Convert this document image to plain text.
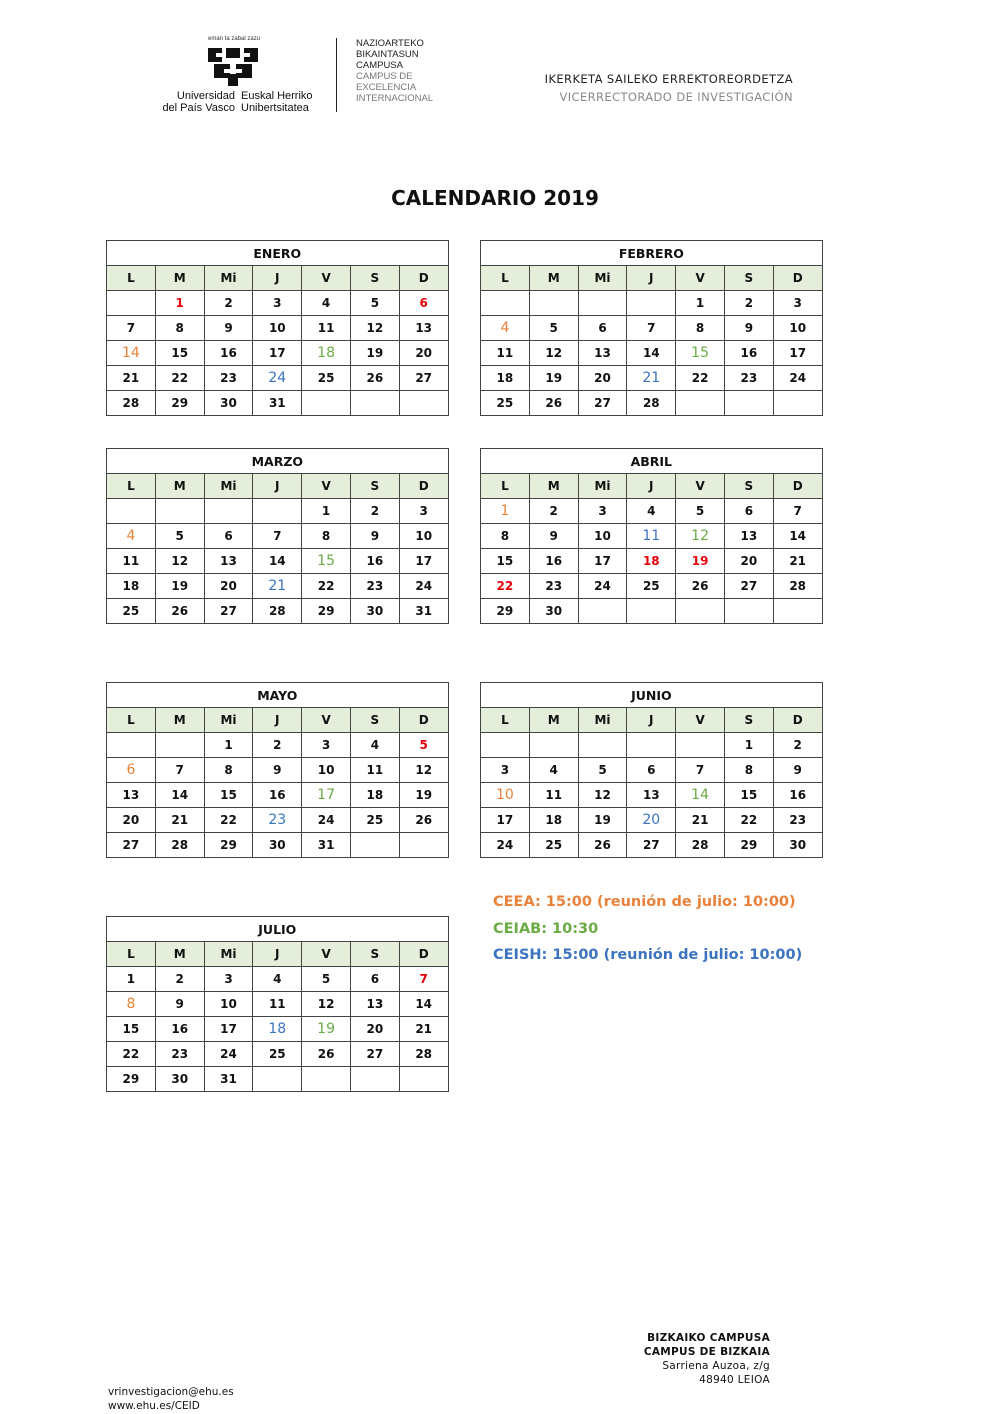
eman ta zabal zazu
Universidad
del País Vasco
Euskal Herriko
Unibertsitatea
NAZIOARTEKO
BIKAINTASUN
CAMPUSA
CAMPUS DE
EXCELENCIA
INTERNACIONAL
IKERKETA SAILEKO ERREKTOREORDETZA
VICERRECTORADO DE INVESTIGACIÓN
CALENDARIO 2019
ENERO						
L	M	Mi	J	V	S	D
	1	2	3	4	5	6
7	8	9	10	11	12	13
14	15	16	17	18	19	20
21	22	23	24	25	26	27
28	29	30	31			
FEBRERO						
L	M	Mi	J	V	S	D
				1	2	3
4	5	6	7	8	9	10
11	12	13	14	15	16	17
18	19	20	21	22	23	24
25	26	27	28			
MARZO						
L	M	Mi	J	V	S	D
				1	2	3
4	5	6	7	8	9	10
11	12	13	14	15	16	17
18	19	20	21	22	23	24
25	26	27	28	29	30	31
ABRIL						
L	M	Mi	J	V	S	D
1	2	3	4	5	6	7
8	9	10	11	12	13	14
15	16	17	18	19	20	21
22	23	24	25	26	27	28
29	30					
MAYO						
L	M	Mi	J	V	S	D
		1	2	3	4	5
6	7	8	9	10	11	12
13	14	15	16	17	18	19
20	21	22	23	24	25	26
27	28	29	30	31		
JUNIO						
L	M	Mi	J	V	S	D
					1	2
3	4	5	6	7	8	9
10	11	12	13	14	15	16
17	18	19	20	21	22	23
24	25	26	27	28	29	30
JULIO						
L	M	Mi	J	V	S	D
1	2	3	4	5	6	7
8	9	10	11	12	13	14
15	16	17	18	19	20	21
22	23	24	25	26	27	28
29	30	31				
CEEA: 15:00 (reunión de julio: 10:00)
CEIAB: 10:30
CEISH: 15:00 (reunión de julio: 10:00)
BIZKAIKO CAMPUSA
CAMPUS DE BIZKAIA
Sarriena Auzoa, z/g
48940 LEIOA
vrinvestigacion@ehu.es
www.ehu.es/CEID
